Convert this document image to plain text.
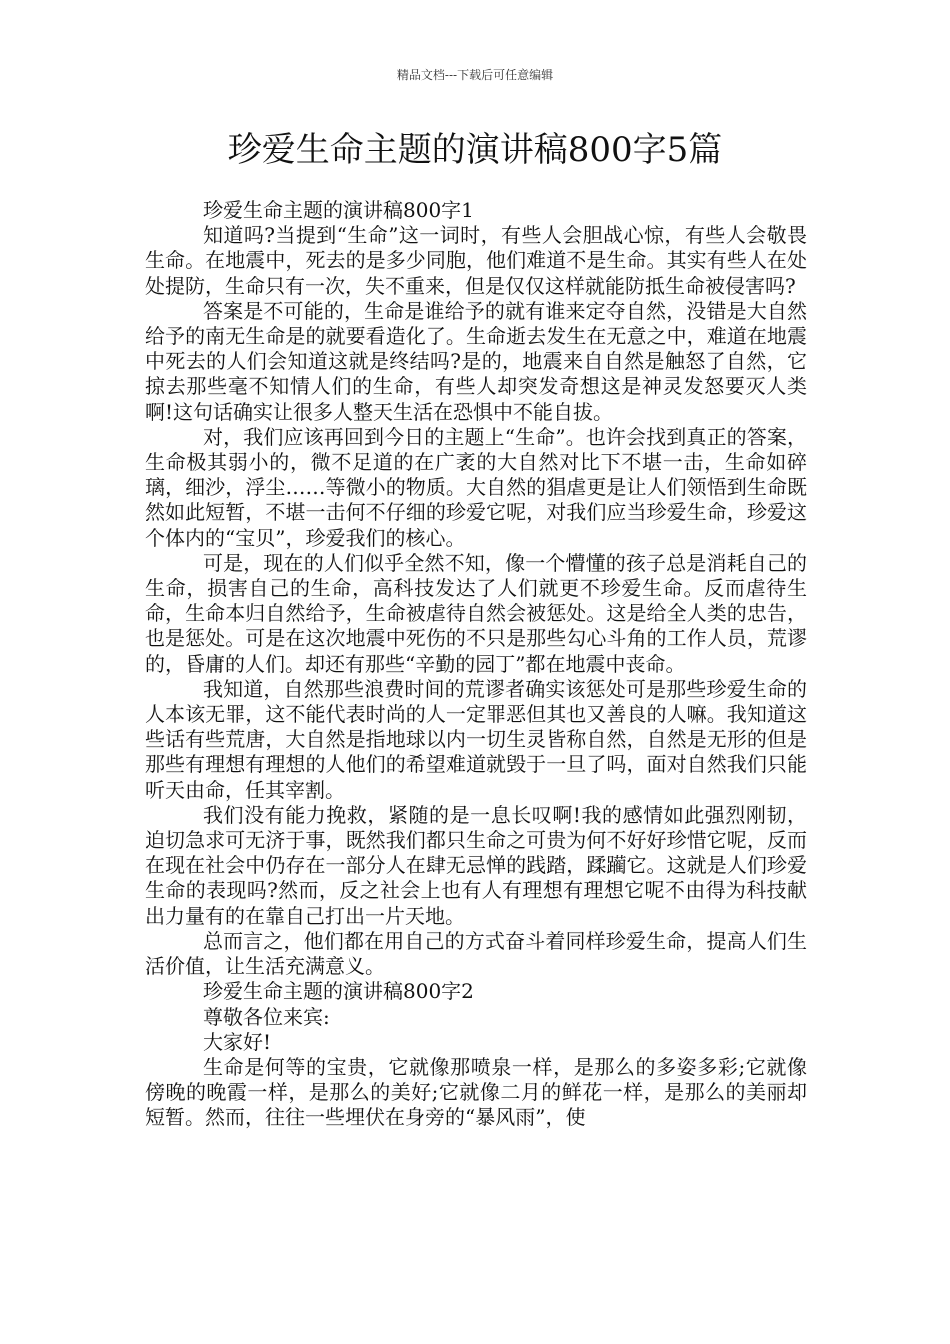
精品文档---下载后可任意编辑
珍爱生命主题的演讲稿800字5篇

珍爱生命主题的演讲稿800字1

知道吗?当提到“生命”这一词时，有些人会胆战心惊，有些人会敬畏生命。在地震中，死去的是多少同胞，他们难道不是生命。其实有些人在处处提防，生命只有一次，失不重来，但是仅仅这样就能防抵生命被侵害吗?

答案是不可能的，生命是谁给予的就有谁来定夺自然，没错是大自然给予的南无生命是的就要看造化了。生命逝去发生在无意之中，难道在地震中死去的人们会知道这就是终结吗?是的，地震来自自然是触怒了自然，它掠去那些毫不知情人们的生命，有些人却突发奇想这是神灵发怒要灭人类啊!这句话确实让很多人整天生活在恐惧中不能自拔。

对，我们应该再回到今日的主题上“生命”。也许会找到真正的答案，生命极其弱小的，微不足道的在广袤的大自然对比下不堪一击，生命如碎璃，细沙，浮尘……等微小的物质。大自然的猖虐更是让人们领悟到生命既然如此短暂，不堪一击何不仔细的珍爱它呢，对我们应当珍爱生命，珍爱这个体内的“宝贝”，珍爱我们的核心。

可是，现在的人们似乎全然不知，像一个懵懂的孩子总是消耗自己的生命，损害自己的生命，高科技发达了人们就更不珍爱生命。反而虐待生命，生命本归自然给予，生命被虐待自然会被惩处。这是给全人类的忠告，也是惩处。可是在这次地震中死伤的不只是那些勾心斗角的工作人员，荒谬的，昏庸的人们。却还有那些“辛勤的园丁”都在地震中丧命。

我知道，自然那些浪费时间的荒谬者确实该惩处可是那些珍爱生命的人本该无罪，这不能代表时尚的人一定罪恶但其也又善良的人嘛。我知道这些话有些荒唐，大自然是指地球以内一切生灵皆称自然，自然是无形的但是那些有理想有理想的人他们的希望难道就毁于一旦了吗，面对自然我们只能听天由命，任其宰割。

我们没有能力挽救，紧随的是一息长叹啊!我的感情如此强烈刚韧，迫切急求可无济于事，既然我们都只生命之可贵为何不好好珍惜它呢，反而在现在社会中仍存在一部分人在肆无忌惮的践踏，蹂躏它。这就是人们珍爱生命的表现吗?然而，反之社会上也有人有理想有理想它呢不由得为科技献出力量有的在靠自己打出一片天地。

总而言之，他们都在用自己的方式奋斗着同样珍爱生命，提高人们生活价值，让生活充满意义。

珍爱生命主题的演讲稿800字2

尊敬各位来宾:

大家好!

生命是何等的宝贵，它就像那喷泉一样，是那么的多姿多彩;它就像傍晚的晚霞一样，是那么的美好;它就像二月的鲜花一样，是那么的美丽却短暂。然而，往往一些埋伏在身旁的“暴风雨”，使
